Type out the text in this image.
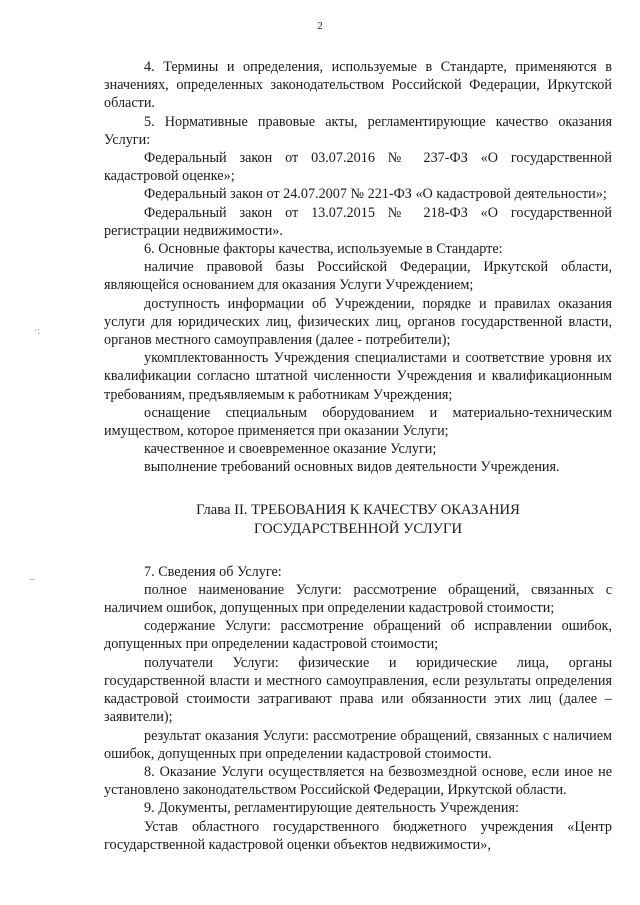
2
·:
–

4. Термины и определения, используемые в Стандарте, применяются в значениях, определенных законодательством Российской Федерации, Иркутской области.

5. Нормативные правовые акты, регламентирующие качество оказания Услуги:

Федеральный закон от 03.07.2016 № 237-ФЗ «О государственной кадастровой оценке»;

Федеральный закон от 24.07.2007 № 221-ФЗ «О кадастровой деятельности»;

Федеральный закон от 13.07.2015 № 218-ФЗ «О государственной регистрации недвижимости».

6. Основные факторы качества, используемые в Стандарте:

наличие правовой базы Российской Федерации, Иркутской области, являющейся основанием для оказания Услуги Учреждением;

доступность информации об Учреждении, порядке и правилах оказания услуги для юридических лиц, физических лиц, органов государственной власти, органов местного самоуправления (далее - потребители);

укомплектованность Учреждения специалистами и соответствие уровня их квалификации согласно штатной численности Учреждения и квалификационным требованиям, предъявляемым к работникам Учреждения;

оснащение специальным оборудованием и материально-техническим имуществом, которое применяется при оказании Услуги;

качественное и своевременное оказание Услуги;

выполнение требований основных видов деятельности Учреждения.

Глава II. ТРЕБОВАНИЯ К КАЧЕСТВУ ОКАЗАНИЯ
ГОСУДАРСТВЕННОЙ УСЛУГИ

7. Сведения об Услуге:

полное наименование Услуги: рассмотрение обращений, связанных с наличием ошибок, допущенных при определении кадастровой стоимости;

содержание Услуги: рассмотрение обращений об исправлении ошибок, допущенных при определении кадастровой стоимости;

получатели Услуги: физические и юридические лица, органы государственной власти и местного самоуправления, если результаты определения кадастровой стоимости затрагивают права или обязанности этих лиц (далее – заявители);

результат оказания Услуги: рассмотрение обращений, связанных с наличием ошибок, допущенных при определении кадастровой стоимости.

8. Оказание Услуги осуществляется на безвозмездной основе, если иное не установлено законодательством Российской Федерации, Иркутской области.

9. Документы, регламентирующие деятельность Учреждения:

Устав областного государственного бюджетного учреждения «Центр государственной кадастровой оценки объектов недвижимости»,
